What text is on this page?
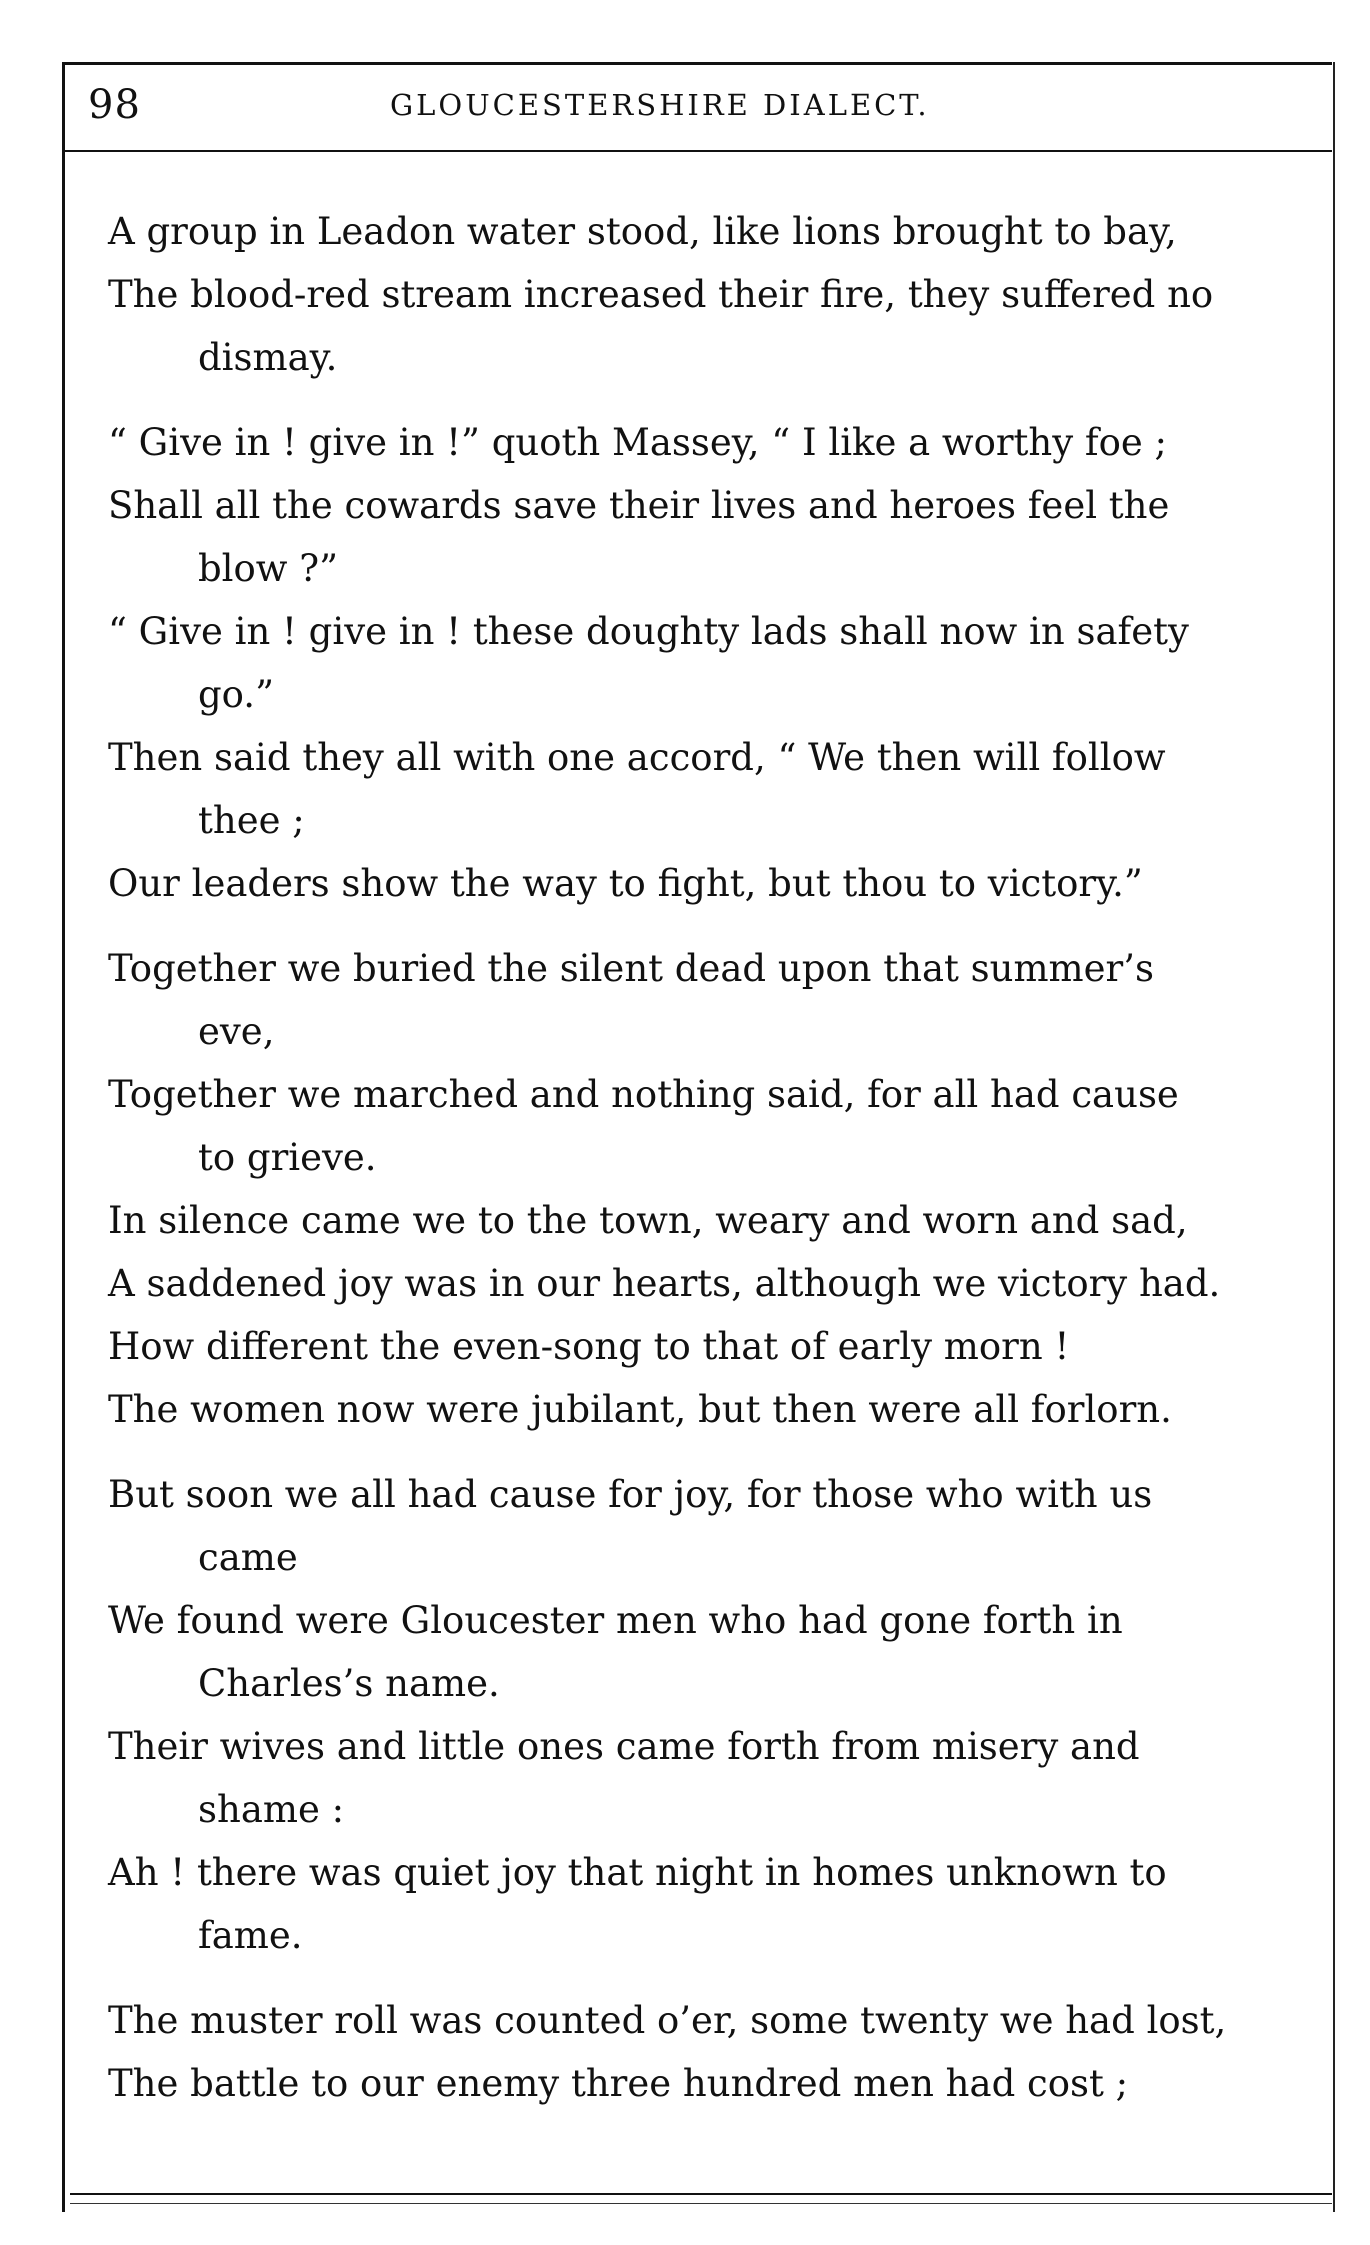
98	GLOUCESTERSHIRE DIALECT.
A group in Leadon water stood, like lions brought to bay,
The blood-red stream increased their fire, they suffered no
dismay.
“ Give in ! give in !” quoth Massey, “ I like a worthy foe ;
Shall all the cowards save their lives and heroes feel the
blow ?”
“ Give in ! give in ! these doughty lads shall now in safety
go.”
Then said they all with one accord, “ We then will follow
thee ;
Our leaders show the way to fight, but thou to victory.”
Together we buried the silent dead upon that summer’s
eve,
Together we marched and nothing said, for all had cause
to grieve.
In silence came we to the town, weary and worn and sad,
A saddened joy was in our hearts, although we victory had.
How different the even-song to that of early morn !
The women now were jubilant, but then were all forlorn.
But soon we all had cause for joy, for those who with us
came
We found were Gloucester men who had gone forth in
Charles’s name.
Their wives and little ones came forth from misery and
shame :
Ah ! there was quiet joy that night in homes unknown to
fame.
The muster roll was counted o’er, some twenty we had lost,
The battle to our enemy three hundred men had cost ;
